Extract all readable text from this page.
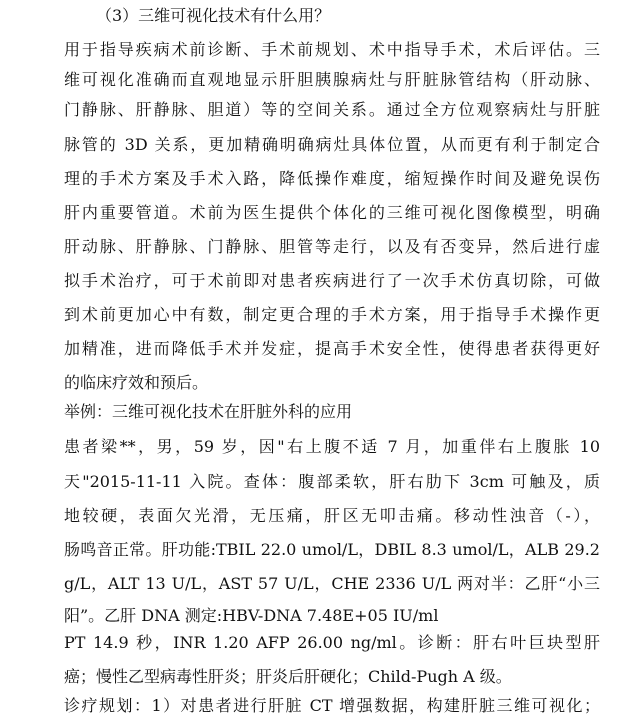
（3）三维可视化技术有什么用？
用于指导疾病术前诊断、手术前规划、术中指导手术，术后评估。三
维可视化准确而直观地显示肝胆胰腺病灶与肝脏脉管结构（肝动脉、
门静脉、肝静脉、胆道）等的空间关系。通过全方位观察病灶与肝脏
脉管的 3D 关系，更加精确明确病灶具体位置，从而更有利于制定合
理的手术方案及手术入路，降低操作难度，缩短操作时间及避免误伤
肝内重要管道。术前为医生提供个体化的三维可视化图像模型，明确
肝动脉、肝静脉、门静脉、胆管等走行，以及有否变异，然后进行虚
拟手术治疗，可于术前即对患者疾病进行了一次手术仿真切除，可做
到术前更加心中有数，制定更合理的手术方案，用于指导手术操作更
加精准，进而降低手术并发症，提高手术安全性，使得患者获得更好
的临床疗效和预后。
举例：三维可视化技术在肝脏外科的应用
患者梁**，男，59 岁，因"右上腹不适 7 月，加重伴右上腹胀 10
天"2015-11-11 入院。查体：腹部柔软，肝右肋下 3cm 可触及，质
地较硬，表面欠光滑，无压痛，肝区无叩击痛。移动性浊音（-），
肠鸣音正常。肝功能:TBIL 22.0 umol/L，DBIL 8.3 umol/L，ALB 29.2
g/L，ALT 13 U/L，AST 57 U/L，CHE 2336 U/L 两对半：乙肝“小三
阳”。乙肝 DNA 测定:HBV-DNA 7.48E+05 IU/ml
PT 14.9 秒，INR 1.20 AFP 26.00 ng/ml。诊断：肝右叶巨块型肝
癌；慢性乙型病毒性肝炎；肝炎后肝硬化；Child-Pugh A 级。
诊疗规划：1）对患者进行肝脏 CT 增强数据，构建肝脏三维可视化；
